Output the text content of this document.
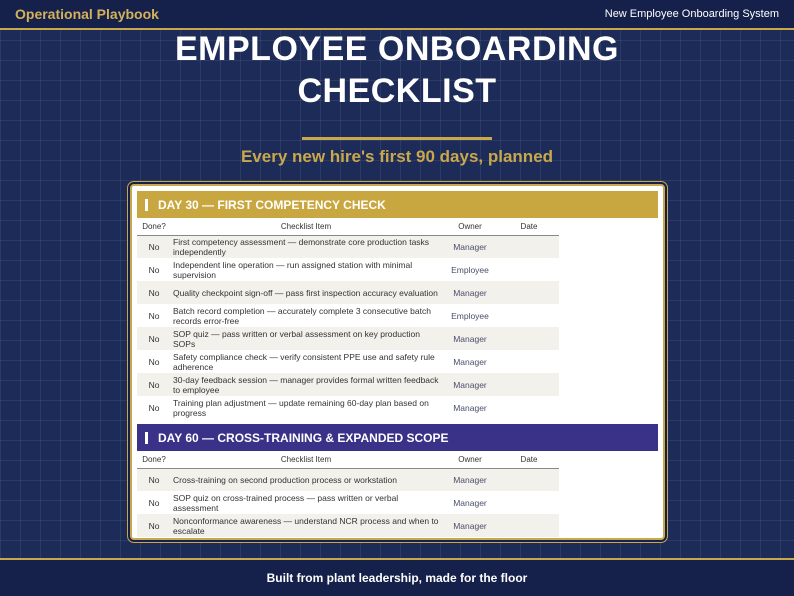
Operational Playbook	New Employee Onboarding System
EMPLOYEE ONBOARDING
CHECKLIST
Every new hire's first 90 days, planned
DAY 30 — FIRST COMPETENCY CHECK
Done?	Checklist Item	Owner	Date
No	First competency assessment — demonstrate core production tasks independently	Manager	
No	Independent line operation — run assigned station with minimal supervision	Employee	
No	Quality checkpoint sign-off — pass first inspection accuracy evaluation	Manager	
No	Batch record completion — accurately complete 3 consecutive batch records error-free	Employee	
No	SOP quiz — pass written or verbal assessment on key production SOPs	Manager	
No	Safety compliance check — verify consistent PPE use and safety rule adherence	Manager	
No	30-day feedback session — manager provides formal written feedback to employee	Manager	
No	Training plan adjustment — update remaining 60-day plan based on progress	Manager	
DAY 60 — CROSS-TRAINING & EXPANDED SCOPE
Done?	Checklist Item	Owner	Date
No	Cross-training on second production process or workstation	Manager	
No	SOP quiz on cross-trained process — pass written or verbal assessment	Manager	
No	Nonconformance awareness — understand NCR process and when to escalate	Manager	
Built from plant leadership, made for the floor
